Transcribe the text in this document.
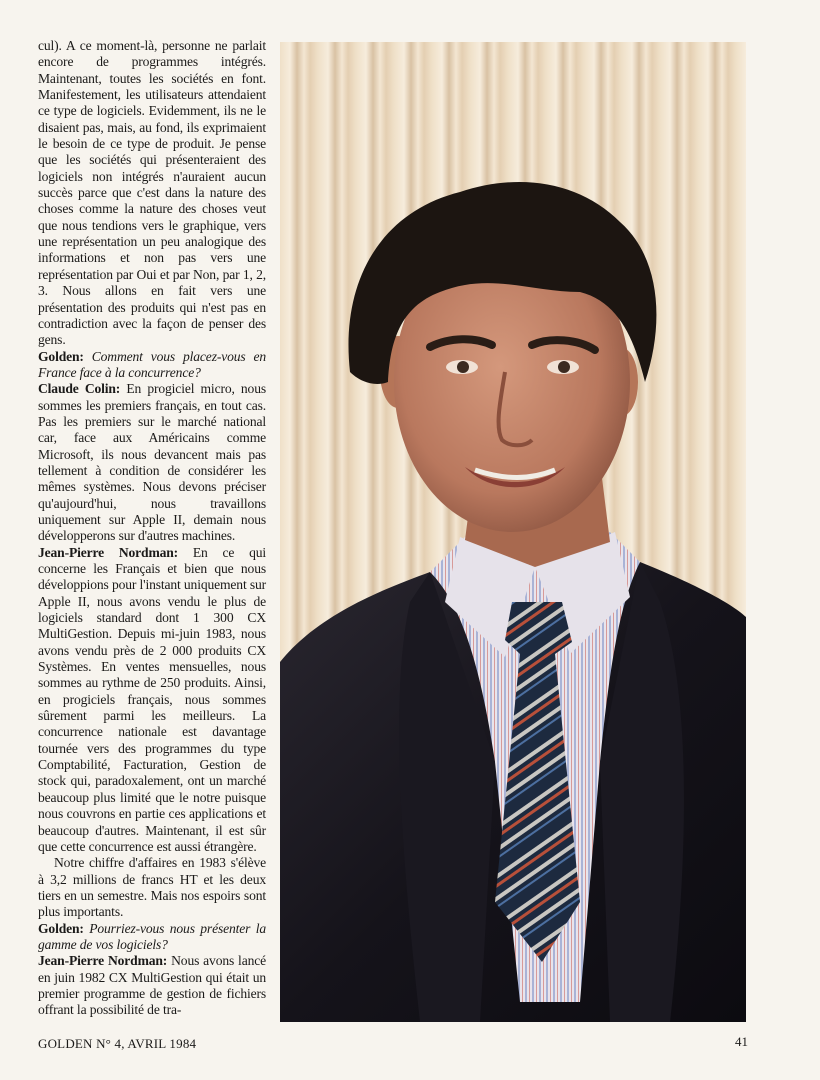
cul). A ce moment-là, personne ne parlait encore de programmes intégrés. Maintenant, toutes les sociétés en font. Manifestement, les utilisateurs attendaient ce type de logiciels. Evidemment, ils ne le disaient pas, mais, au fond, ils exprimaient le besoin de ce type de produit. Je pense que les sociétés qui présenteraient des logiciels non intégrés n'auraient aucun succès parce que c'est dans la nature des choses comme la nature des choses veut que nous tendions vers le graphique, vers une représentation un peu analogique des informations et non pas vers une représentation par Oui et par Non, par 1, 2, 3. Nous allons en fait vers une présentation des produits qui n'est pas en contradiction avec la façon de penser des gens.

Golden: Comment vous placez-vous en France face à la concurrence?

Claude Colin: En progiciel micro, nous sommes les premiers français, en tout cas. Pas les premiers sur le marché national car, face aux Américains comme Microsoft, ils nous devancent mais pas tellement à condition de considérer les mêmes systèmes. Nous devons préciser qu'aujourd'hui, nous travaillons uniquement sur Apple II, demain nous développerons sur d'autres machines.

Jean-Pierre Nordman: En ce qui concerne les Français et bien que nous développions pour l'instant uniquement sur Apple II, nous avons vendu le plus de logiciels standard dont 1 300 CX MultiGestion. Depuis mi-juin 1983, nous avons vendu près de 2 000 produits CX Systèmes. En ventes mensuelles, nous sommes au rythme de 250 produits. Ainsi, en progiciels français, nous sommes sûrement parmi les meilleurs. La concurrence nationale est davantage tournée vers des programmes du type Comptabilité, Facturation, Gestion de stock qui, paradoxalement, ont un marché beaucoup plus limité que le notre puisque nous couvrons en partie ces applications et beaucoup d'autres. Maintenant, il est sûr que cette concurrence est aussi étrangère.

Notre chiffre d'affaires en 1983 s'élève à 3,2 millions de francs HT et les deux tiers en un semestre. Mais nos espoirs sont plus importants.

Golden: Pourriez-vous nous présenter la gamme de vos logiciels?

Jean-Pierre Nordman: Nous avons lancé en juin 1982 CX MultiGestion qui était un premier programme de gestion de fichiers offrant la possibilité de tra-

GOLDEN N° 4, AVRIL 1984	41
